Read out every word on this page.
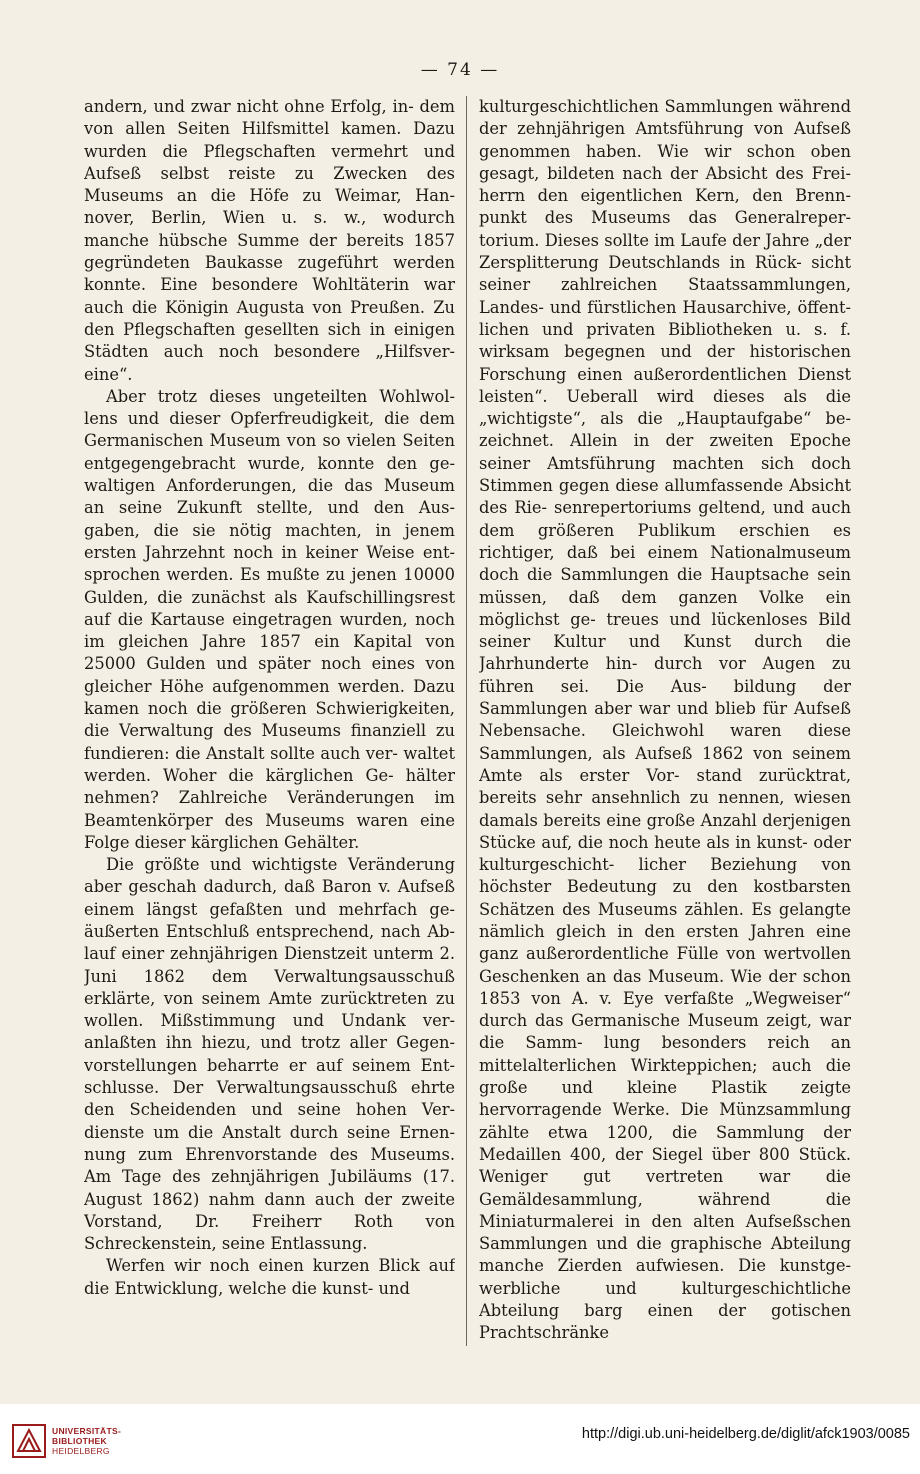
— 74 —

andern, und zwar nicht ohne Erfolg, in- dem von allen Seiten Hilfsmittel kamen. Dazu wurden die Pflegschaften vermehrt und Aufseß selbst reiste zu Zwecken des Museums an die Höfe zu Weimar, Han- nover, Berlin, Wien u. s. w., wodurch manche hübsche Summe der bereits 1857 gegründeten Baukasse zugeführt werden konnte. Eine besondere Wohltäterin war auch die Königin Augusta von Preußen. Zu den Pflegschaften gesellten sich in einigen Städten auch noch besondere „Hilfsver- eine“.

Aber trotz dieses ungeteilten Wohlwol- lens und dieser Opferfreudigkeit, die dem Germanischen Museum von so vielen Seiten entgegengebracht wurde, konnte den ge- waltigen Anforderungen, die das Museum an seine Zukunft stellte, und den Aus- gaben, die sie nötig machten, in jenem ersten Jahrzehnt noch in keiner Weise ent- sprochen werden. Es mußte zu jenen 10000 Gulden, die zunächst als Kaufschillingsrest auf die Kartause eingetragen wurden, noch im gleichen Jahre 1857 ein Kapital von 25000 Gulden und später noch eines von gleicher Höhe aufgenommen werden. Dazu kamen noch die größeren Schwierigkeiten, die Verwaltung des Museums finanziell zu fundieren: die Anstalt sollte auch ver- waltet werden. Woher die kärglichen Ge- hälter nehmen? Zahlreiche Veränderungen im Beamtenkörper des Museums waren eine Folge dieser kärglichen Gehälter.

Die größte und wichtigste Veränderung aber geschah dadurch, daß Baron v. Aufseß einem längst gefaßten und mehrfach ge- äußerten Entschluß entsprechend, nach Ab- lauf einer zehnjährigen Dienstzeit unterm 2. Juni 1862 dem Verwaltungsausschuß erklärte, von seinem Amte zurücktreten zu wollen. Mißstimmung und Undank ver- anlaßten ihn hiezu, und trotz aller Gegen- vorstellungen beharrte er auf seinem Ent- schlusse. Der Verwaltungsausschuß ehrte den Scheidenden und seine hohen Ver- dienste um die Anstalt durch seine Ernen- nung zum Ehrenvorstande des Museums. Am Tage des zehnjährigen Jubiläums (17. August 1862) nahm dann auch der zweite Vorstand, Dr. Freiherr Roth von Schreckenstein, seine Entlassung.

Werfen wir noch einen kurzen Blick auf die Entwicklung, welche die kunst- und

kulturgeschichtlichen Sammlungen während der zehnjährigen Amtsführung von Aufseß genommen haben. Wie wir schon oben gesagt, bildeten nach der Absicht des Frei- herrn den eigentlichen Kern, den Brenn- punkt des Museums das Generalreper- torium. Dieses sollte im Laufe der Jahre „der Zersplitterung Deutschlands in Rück- sicht seiner zahlreichen Staatssammlungen, Landes- und fürstlichen Hausarchive, öffent- lichen und privaten Bibliotheken u. s. f. wirksam begegnen und der historischen Forschung einen außerordentlichen Dienst leisten“. Ueberall wird dieses als die „wichtigste“, als die „Hauptaufgabe“ be- zeichnet. Allein in der zweiten Epoche seiner Amtsführung machten sich doch Stimmen gegen diese allumfassende Absicht des Rie- senrepertoriums geltend, und auch dem größeren Publikum erschien es richtiger, daß bei einem Nationalmuseum doch die Sammlungen die Hauptsache sein müssen, daß dem ganzen Volke ein möglichst ge- treues und lückenloses Bild seiner Kultur und Kunst durch die Jahrhunderte hin- durch vor Augen zu führen sei. Die Aus- bildung der Sammlungen aber war und blieb für Aufseß Nebensache. Gleichwohl waren diese Sammlungen, als Aufseß 1862 von seinem Amte als erster Vor- stand zurücktrat, bereits sehr ansehnlich zu nennen, wiesen damals bereits eine große Anzahl derjenigen Stücke auf, die noch heute als in kunst- oder kulturgeschicht- licher Beziehung von höchster Bedeutung zu den kostbarsten Schätzen des Museums zählen. Es gelangte nämlich gleich in den ersten Jahren eine ganz außerordentliche Fülle von wertvollen Geschenken an das Museum. Wie der schon 1853 von A. v. Eye verfaßte „Wegweiser“ durch das Germanische Museum zeigt, war die Samm- lung besonders reich an mittelalterlichen Wirkteppichen; auch die große und kleine Plastik zeigte hervorragende Werke. Die Münzsammlung zählte etwa 1200, die Sammlung der Medaillen 400, der Siegel über 800 Stück. Weniger gut vertreten war die Gemäldesammlung, während die Miniaturmalerei in den alten Aufseßschen Sammlungen und die graphische Abteilung manche Zierden aufwiesen. Die kunstge- werbliche und kulturgeschichtliche Abteilung barg einen der gotischen Prachtschränke

UNIVERSITÄTS-
BIBLIOTHEK
HEIDELBERG
http://digi.ub.uni-heidelberg.de/diglit/afck1903/0085
